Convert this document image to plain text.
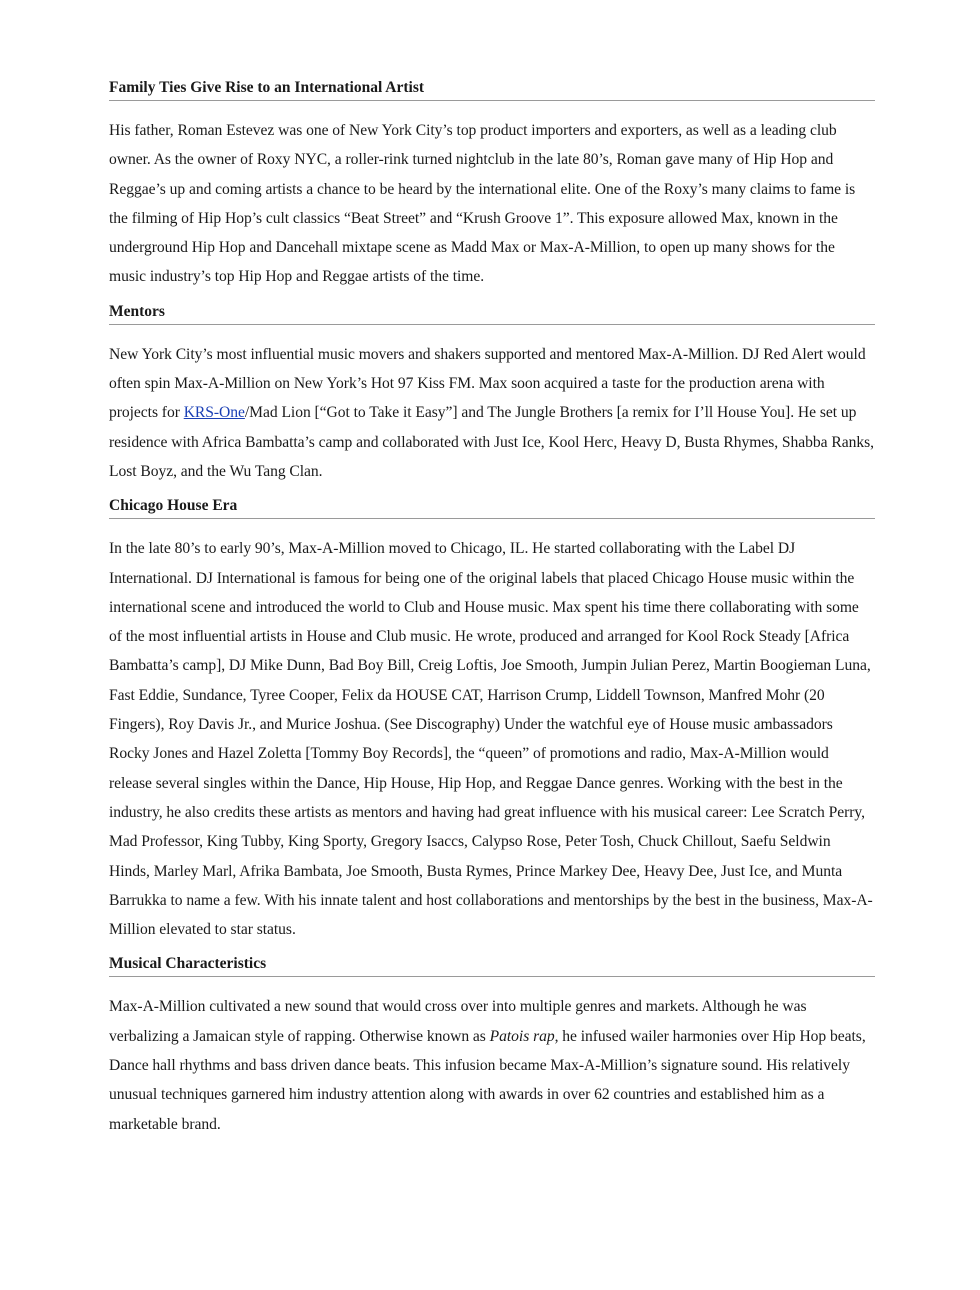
Family Ties Give Rise to an International Artist

His father, Roman Estevez was one of New York City’s top product importers and exporters, as well as a leading club owner. As the owner of Roxy NYC, a roller-rink turned nightclub in the late 80’s, Roman gave many of Hip Hop and Reggae’s up and coming artists a chance to be heard by the international elite. One of the Roxy’s many claims to fame is the filming of Hip Hop’s cult classics “Beat Street” and “Krush Groove 1”. This exposure allowed Max, known in the underground Hip Hop and Dancehall mixtape scene as Madd Max or Max-A-Million, to open up many shows for the music industry’s top Hip Hop and Reggae artists of the time.

Mentors

New York City’s most influential music movers and shakers supported and mentored Max-A-Million. DJ Red Alert would often spin Max-A-Million on New York’s Hot 97 Kiss FM. Max soon acquired a taste for the production arena with projects for KRS-One/Mad Lion [“Got to Take it Easy”] and The Jungle Brothers [a remix for I’ll House You]. He set up residence with Africa Bambatta’s camp and collaborated with Just Ice, Kool Herc, Heavy D, Busta Rhymes, Shabba Ranks, Lost Boyz, and the Wu Tang Clan.

Chicago House Era

In the late 80’s to early 90’s, Max-A-Million moved to Chicago, IL. He started collaborating with the Label DJ International. DJ International is famous for being one of the original labels that placed Chicago House music within the international scene and introduced the world to Club and House music. Max spent his time there collaborating with some of the most influential artists in House and Club music. He wrote, produced and arranged for Kool Rock Steady [Africa Bambatta’s camp], DJ Mike Dunn, Bad Boy Bill, Creig Loftis, Joe Smooth, Jumpin Julian Perez, Martin Boogieman Luna, Fast Eddie, Sundance, Tyree Cooper, Felix da HOUSE CAT, Harrison Crump, Liddell Townson, Manfred Mohr (20 Fingers), Roy Davis Jr., and Murice Joshua. (See Discography) Under the watchful eye of House music ambassadors Rocky Jones and Hazel Zoletta [Tommy Boy Records], the “queen” of promotions and radio, Max-A-Million would release several singles within the Dance, Hip House, Hip Hop, and Reggae Dance genres. Working with the best in the industry, he also credits these artists as mentors and having had great influence with his musical career: Lee Scratch Perry, Mad Professor, King Tubby, King Sporty, Gregory Isaccs, Calypso Rose, Peter Tosh, Chuck Chillout, Saefu Seldwin Hinds, Marley Marl, Afrika Bambata, Joe Smooth, Busta Rymes, Prince Markey Dee, Heavy Dee, Just Ice, and Munta Barrukka to name a few. With his innate talent and host collaborations and mentorships by the best in the business, Max-A-Million elevated to star status.

Musical Characteristics

Max-A-Million cultivated a new sound that would cross over into multiple genres and markets. Although he was verbalizing a Jamaican style of rapping. Otherwise known as Patois rap, he infused wailer harmonies over Hip Hop beats, Dance hall rhythms and bass driven dance beats. This infusion became Max-A-Million’s signature sound. His relatively unusual techniques garnered him industry attention along with awards in over 62 countries and established him as a marketable brand.
